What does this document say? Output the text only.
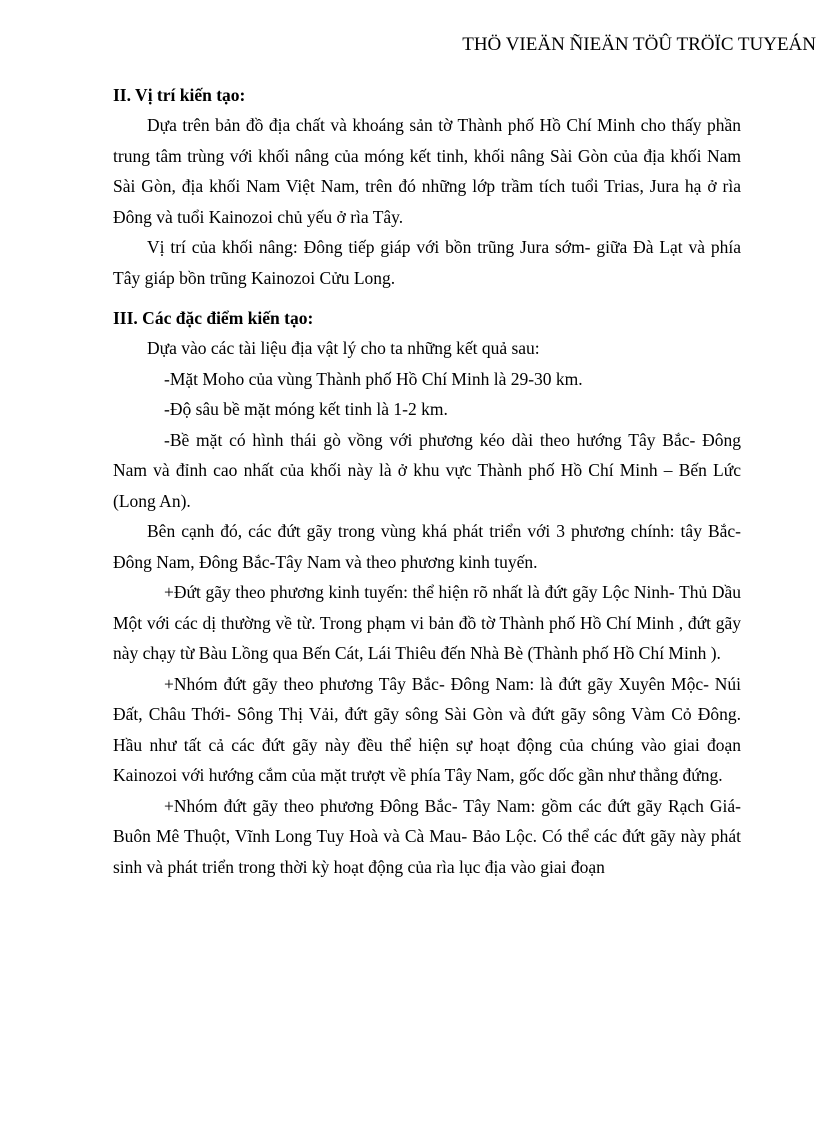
THÖ VIEÄN ÑIEÄN TÖÛ TRÖÏC TUYEÁN

II. Vị trí kiến tạo:

Dựa trên bản đồ địa chất và khoáng sản tờ Thành phố Hồ Chí Minh cho thấy phần trung tâm trùng với khối nâng của móng kết tinh, khối nâng Sài Gòn của địa khối Nam Sài Gòn, địa khối Nam Việt Nam, trên đó những lớp trầm tích tuổi Trias, Jura hạ ở rìa Đông và tuổi Kainozoi chủ yếu ở rìa Tây.

Vị trí của khối nâng: Đông tiếp giáp với bồn trũng Jura sớm- giữa Đà Lạt và phía Tây giáp bồn trũng Kainozoi Cửu Long.

III. Các đặc điểm kiến tạo:

Dựa vào các tài liệu địa vật lý cho ta những kết quả sau:

-Mặt Moho của vùng Thành phố Hồ Chí Minh là 29-30 km.

-Độ sâu bề mặt móng kết tinh là 1-2 km.

-Bề mặt có hình thái gò vồng với phương kéo dài theo hướng Tây Bắc- Đông Nam và đỉnh cao nhất của khối này là ở khu vực Thành phố Hồ Chí Minh – Bến Lức (Long An).

Bên cạnh đó, các đứt gãy trong vùng khá phát triển với 3 phương chính: tây Bắc- Đông Nam, Đông Bắc-Tây Nam và theo phương kinh tuyến.

+Đứt gãy theo phương kinh tuyến: thể hiện rõ nhất là đứt gãy Lộc Ninh- Thủ Dầu Một với các dị thường về từ. Trong phạm vi bản đồ tờ Thành phố Hồ Chí Minh , đứt gãy này chạy từ Bàu Lồng qua Bến Cát, Lái Thiêu đến Nhà Bè (Thành phố Hồ Chí Minh ).

+Nhóm đứt gãy theo phương Tây Bắc- Đông Nam: là đứt gãy Xuyên Mộc- Núi Đất, Châu Thới- Sông Thị Vải, đứt gãy sông Sài Gòn và đứt gãy sông Vàm Cỏ Đông. Hầu như tất cả các đứt gãy này đều thể hiện sự hoạt động của chúng vào giai đoạn Kainozoi với hướng cắm của mặt trượt về phía Tây Nam, gốc dốc gần như thẳng đứng.

+Nhóm đứt gãy theo phương Đông Bắc- Tây Nam: gồm các đứt gãy Rạch Giá- Buôn Mê Thuột, Vĩnh Long Tuy Hoà và Cà Mau- Bảo Lộc. Có thể các đứt gãy này phát sinh và phát triển trong thời kỳ hoạt động của rìa lục địa vào giai đoạn
